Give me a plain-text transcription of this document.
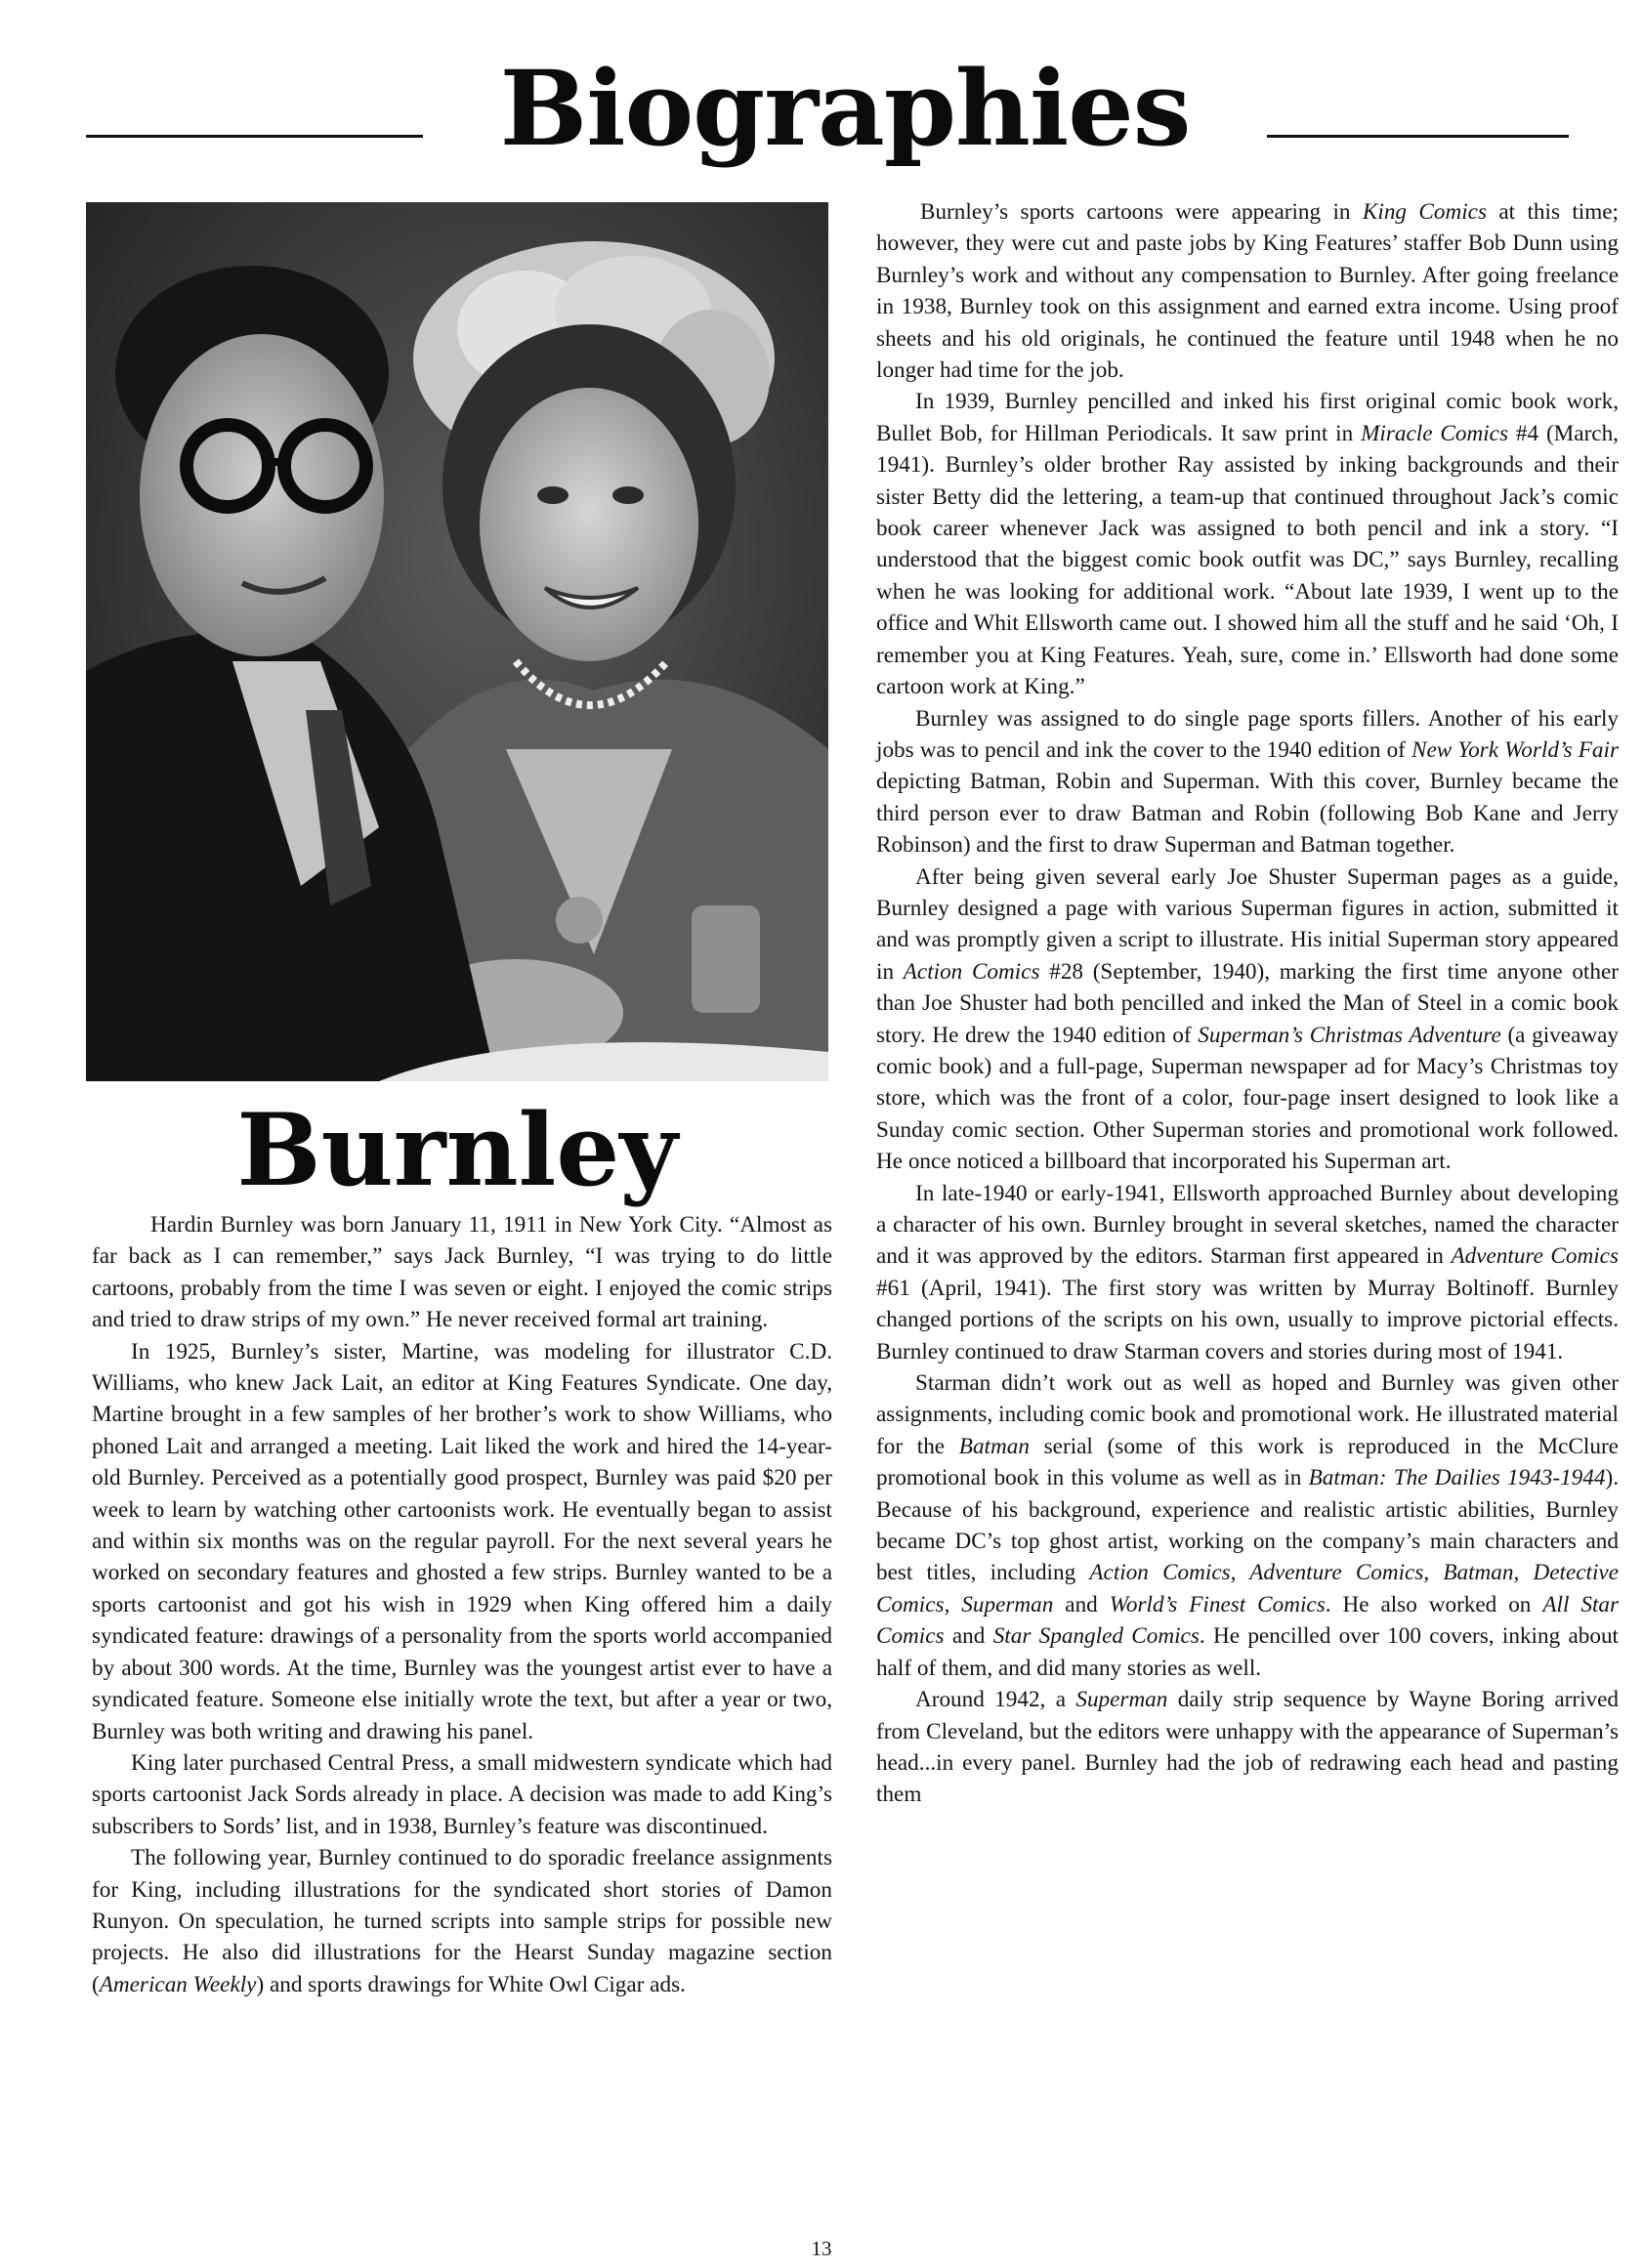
Biographies
Burnley

Hardin Burnley was born January 11, 1911 in New York City. “Almost as far back as I can remember,” says Jack Burnley, “I was trying to do little cartoons, probably from the time I was seven or eight. I enjoyed the comic strips and tried to draw strips of my own.” He never received formal art training.

In 1925, Burnley’s sister, Martine, was modeling for illustrator C.D. Williams, who knew Jack Lait, an editor at King Features Syndicate. One day, Martine brought in a few samples of her brother’s work to show Williams, who phoned Lait and arranged a meeting. Lait liked the work and hired the 14-year-old Burnley. Perceived as a potentially good prospect, Burnley was paid $20 per week to learn by watching other cartoonists work. He eventually began to assist and within six months was on the regular payroll. For the next several years he worked on secondary features and ghosted a few strips. Burnley wanted to be a sports cartoonist and got his wish in 1929 when King offered him a daily syndicated feature: drawings of a personality from the sports world accompanied by about 300 words. At the time, Burnley was the youngest artist ever to have a syndicated feature. Someone else initially wrote the text, but after a year or two, Burnley was both writing and drawing his panel.

King later purchased Central Press, a small midwestern syndicate which had sports cartoonist Jack Sords already in place. A decision was made to add King’s subscribers to Sords’ list, and in 1938, Burnley’s feature was discontinued.

The following year, Burnley continued to do sporadic freelance assignments for King, including illustrations for the syndicated short stories of Damon Runyon. On speculation, he turned scripts into sample strips for possible new projects. He also did illustrations for the Hearst Sunday magazine section (American Weekly) and sports drawings for White Owl Cigar ads.

Burnley’s sports cartoons were appearing in King Comics at this time; however, they were cut and paste jobs by King Features’ staffer Bob Dunn using Burnley’s work and without any compensation to Burnley. After going freelance in 1938, Burnley took on this assignment and earned extra income. Using proof sheets and his old originals, he continued the feature until 1948 when he no longer had time for the job.

In 1939, Burnley pencilled and inked his first original comic book work, Bullet Bob, for Hillman Periodicals. It saw print in Miracle Comics #4 (March, 1941). Burnley’s older brother Ray assisted by inking backgrounds and their sister Betty did the lettering, a team-up that continued throughout Jack’s comic book career whenever Jack was assigned to both pencil and ink a story. “I understood that the biggest comic book outfit was DC,” says Burnley, recalling when he was looking for additional work. “About late 1939, I went up to the office and Whit Ellsworth came out. I showed him all the stuff and he said ‘Oh, I remember you at King Features. Yeah, sure, come in.’ Ellsworth had done some cartoon work at King.”

Burnley was assigned to do single page sports fillers. Another of his early jobs was to pencil and ink the cover to the 1940 edition of New York World’s Fair depicting Batman, Robin and Superman. With this cover, Burnley became the third person ever to draw Batman and Robin (following Bob Kane and Jerry Robinson) and the first to draw Superman and Batman together.

After being given several early Joe Shuster Superman pages as a guide, Burnley designed a page with various Superman figures in action, submitted it and was promptly given a script to illustrate. His initial Superman story appeared in Action Comics #28 (September, 1940), marking the first time anyone other than Joe Shuster had both pencilled and inked the Man of Steel in a comic book story. He drew the 1940 edition of Superman’s Christmas Adventure (a giveaway comic book) and a full-page, Superman newspaper ad for Macy’s Christmas toy store, which was the front of a color, four-page insert designed to look like a Sunday comic section. Other Superman stories and promotional work followed. He once noticed a billboard that incorporated his Superman art.

In late-1940 or early-1941, Ellsworth approached Burnley about developing a character of his own. Burnley brought in several sketches, named the character and it was approved by the editors. Starman first appeared in Adventure Comics #61 (April, 1941). The first story was written by Murray Boltinoff. Burnley changed portions of the scripts on his own, usually to improve pictorial effects. Burnley continued to draw Starman covers and stories during most of 1941.

Starman didn’t work out as well as hoped and Burnley was given other assignments, including comic book and promotional work. He illustrated material for the Batman serial (some of this work is reproduced in the McClure promotional book in this volume as well as in Batman: The Dailies 1943-1944). Because of his background, experience and realistic artistic abilities, Burnley became DC’s top ghost artist, working on the company’s main characters and best titles, including Action Comics, Adventure Comics, Batman, Detective Comics, Superman and World’s Finest Comics. He also worked on All Star Comics and Star Spangled Comics. He pencilled over 100 covers, inking about half of them, and did many stories as well.

Around 1942, a Superman daily strip sequence by Wayne Boring arrived from Cleveland, but the editors were unhappy with the appearance of Superman’s head...in every panel. Burnley had the job of redrawing each head and pasting them

13
